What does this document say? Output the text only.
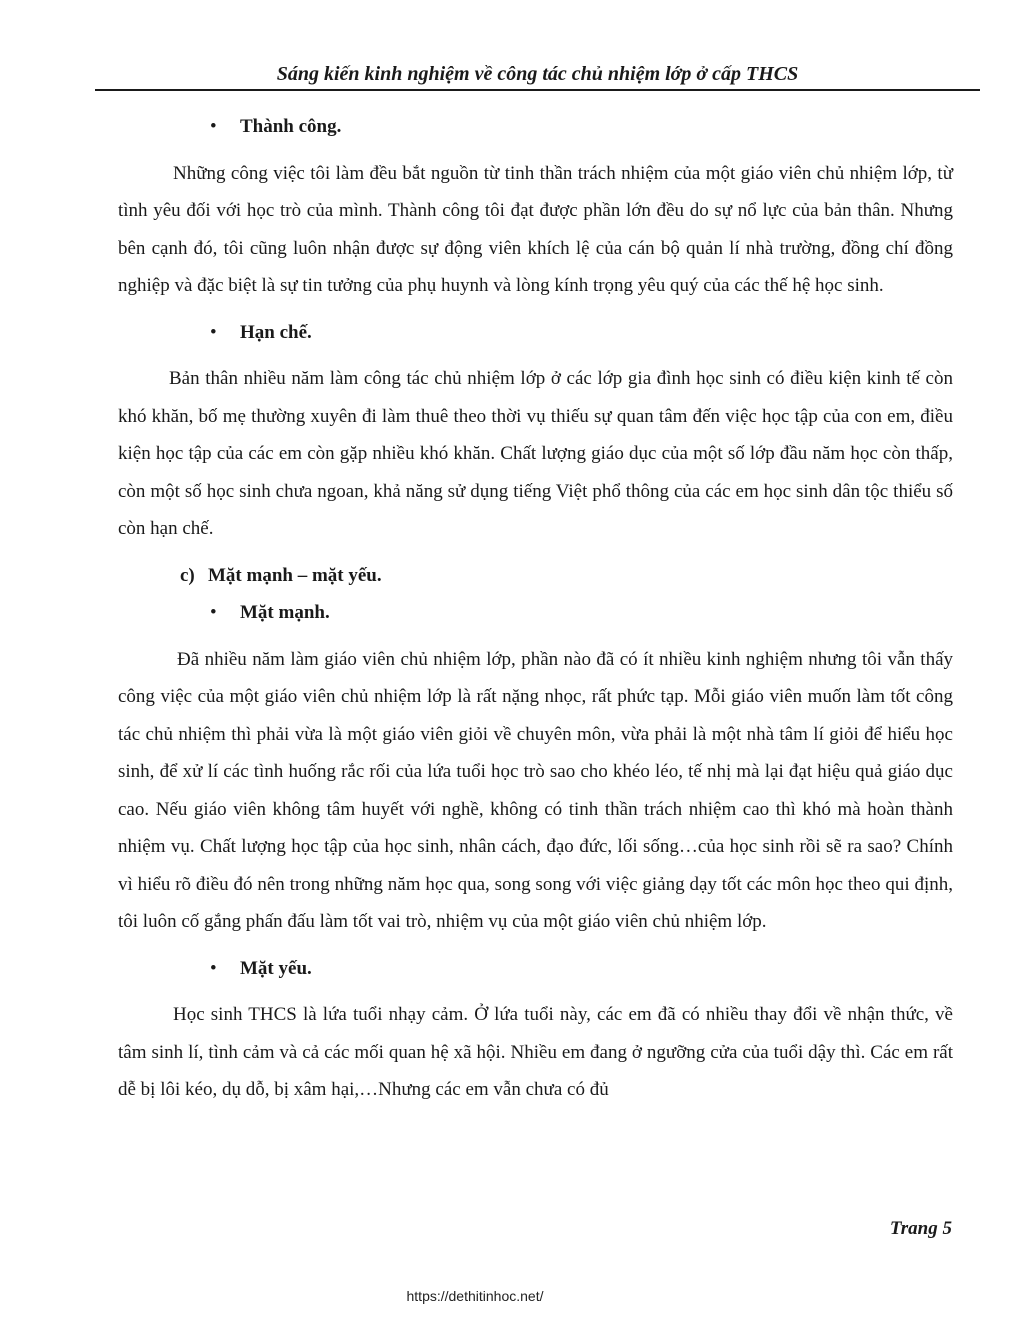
Sáng kiến kinh nghiệm về công tác chủ nhiệm lớp ở cấp THCS
•	Thành công.

Những công việc tôi làm đều bắt nguồn từ tinh thần trách nhiệm của một giáo viên chủ nhiệm lớp, từ tình yêu đối với học trò của mình. Thành công tôi đạt được phần lớn đều do sự nổ lực của bản thân. Nhưng bên cạnh đó, tôi cũng luôn nhận được sự động viên khích lệ của cán bộ quản lí nhà trường, đồng chí đồng nghiệp và đặc biệt là sự tin tưởng của phụ huynh và lòng kính trọng yêu quý của các thế hệ học sinh.

•	Hạn chế.

Bản thân nhiều năm làm công tác chủ nhiệm lớp ở các lớp gia đình học sinh có điều kiện kinh tế còn khó khăn, bố mẹ thường xuyên đi làm thuê theo thời vụ thiếu sự quan tâm đến việc học tập của con em, điều kiện học tập của các em còn gặp nhiều khó khăn. Chất lượng giáo dục của một số lớp đầu năm học còn thấp, còn một số học sinh chưa ngoan, khả năng sử dụng tiếng Việt phổ thông của các em học sinh dân tộc thiểu số còn hạn chế.

c) Mặt mạnh – mặt yếu.
•	Mặt mạnh.

Đã nhiều năm làm giáo viên chủ nhiệm lớp, phần nào đã có ít nhiều kinh nghiệm nhưng tôi vẫn thấy công việc của một giáo viên chủ nhiệm lớp là rất nặng nhọc, rất phức tạp. Mỗi giáo viên muốn làm tốt công tác chủ nhiệm thì phải vừa là một giáo viên giỏi về chuyên môn, vừa phải là một nhà tâm lí giỏi để hiểu học sinh, để xử lí các tình huống rắc rối của lứa tuổi học trò sao cho khéo léo, tế nhị mà lại đạt hiệu quả giáo dục cao. Nếu giáo viên không tâm huyết với nghề, không có tinh thần trách nhiệm cao thì khó mà hoàn thành nhiệm vụ. Chất lượng học tập của học sinh, nhân cách, đạo đức, lối sống…của học sinh rồi sẽ ra sao? Chính vì hiểu rõ điều đó nên trong những năm học qua, song song với việc giảng dạy tốt các môn học theo qui định, tôi luôn cố gắng phấn đấu làm tốt vai trò, nhiệm vụ của một giáo viên chủ nhiệm lớp.

•	Mặt yếu.

Học sinh THCS là lứa tuổi nhạy cảm. Ở lứa tuổi này, các em đã có nhiều thay đổi về nhận thức, về tâm sinh lí, tình cảm và cả các mối quan hệ xã hội. Nhiều em đang ở ngưỡng cửa của tuổi dậy thì. Các em rất dễ bị lôi kéo, dụ dỗ, bị xâm hại,…Nhưng các em vẫn chưa có đủ

Trang 5
https://dethitinhoc.net/
